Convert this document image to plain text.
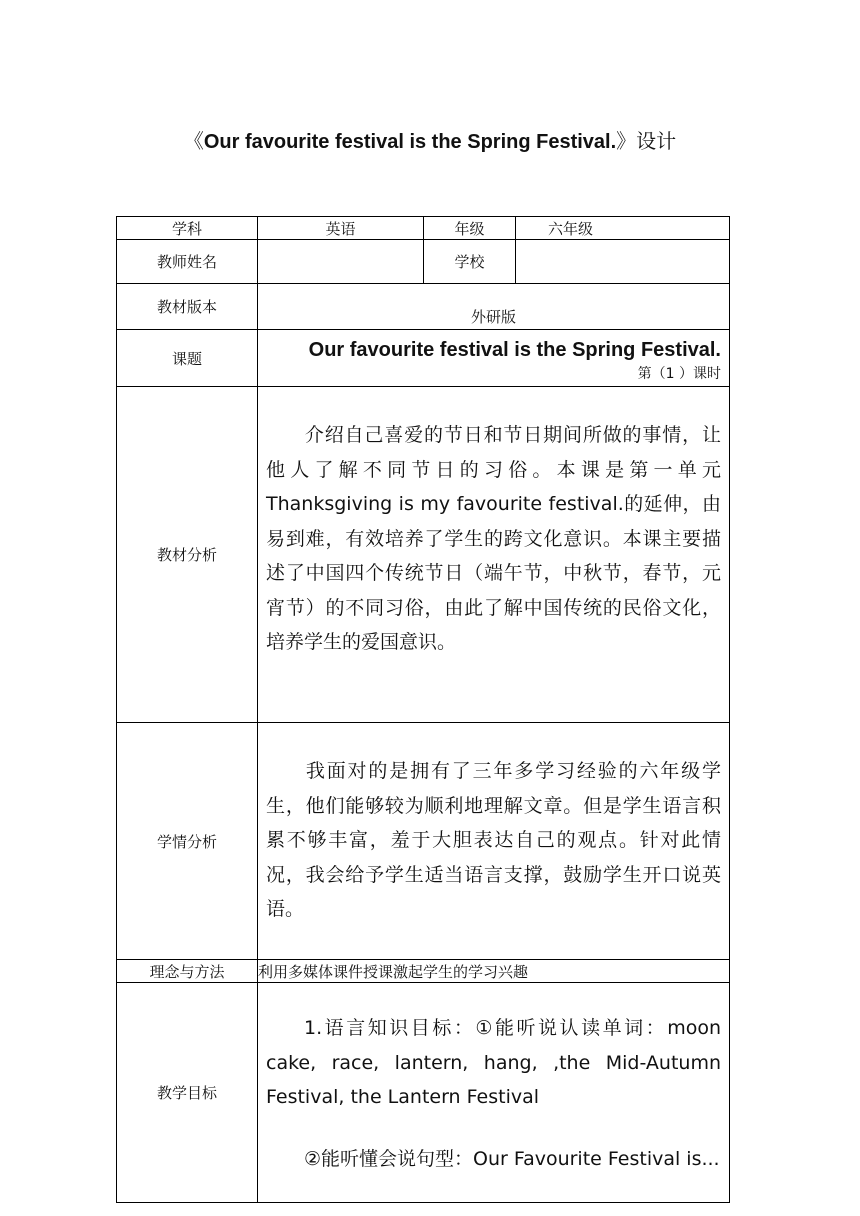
《Our favourite festival is the Spring Festival.》设计
学科	英语	年级	六年级
教师姓名		学校	
教材版本	外研版		
课题	Our favourite festival is the Spring Festival.
第（1 ）课时		

教材分析	介绍自己喜爱的节日和节日期间所做的事情，让他人了解不同节日的习俗。本课是第一单元Thanksgiving is my favourite festival.的延伸，由易到难，有效培养了学生的跨文化意识。本课主要描述了中国四个传统节日（端午节，中秋节，春节，元宵节）的不同习俗，由此了解中国传统的民俗文化，培养学生的爱国意识。		

学情分析	我面对的是拥有了三年多学习经验的六年级学生，他们能够较为顺利地理解文章。但是学生语言积累不够丰富，羞于大胆表达自己的观点。针对此情况，我会给予学生适当语言支撑，鼓励学生开口说英语。		

理念与方法	利用多媒体课件授课激起学生的学习兴趣		
教学目标	1.语言知识目标：①能听说认读单词：moon cake, race, lantern, hang, ,the Mid-Autumn Festival, the Lantern Festival
②能听懂会说句型：Our Favourite Festival is...		
